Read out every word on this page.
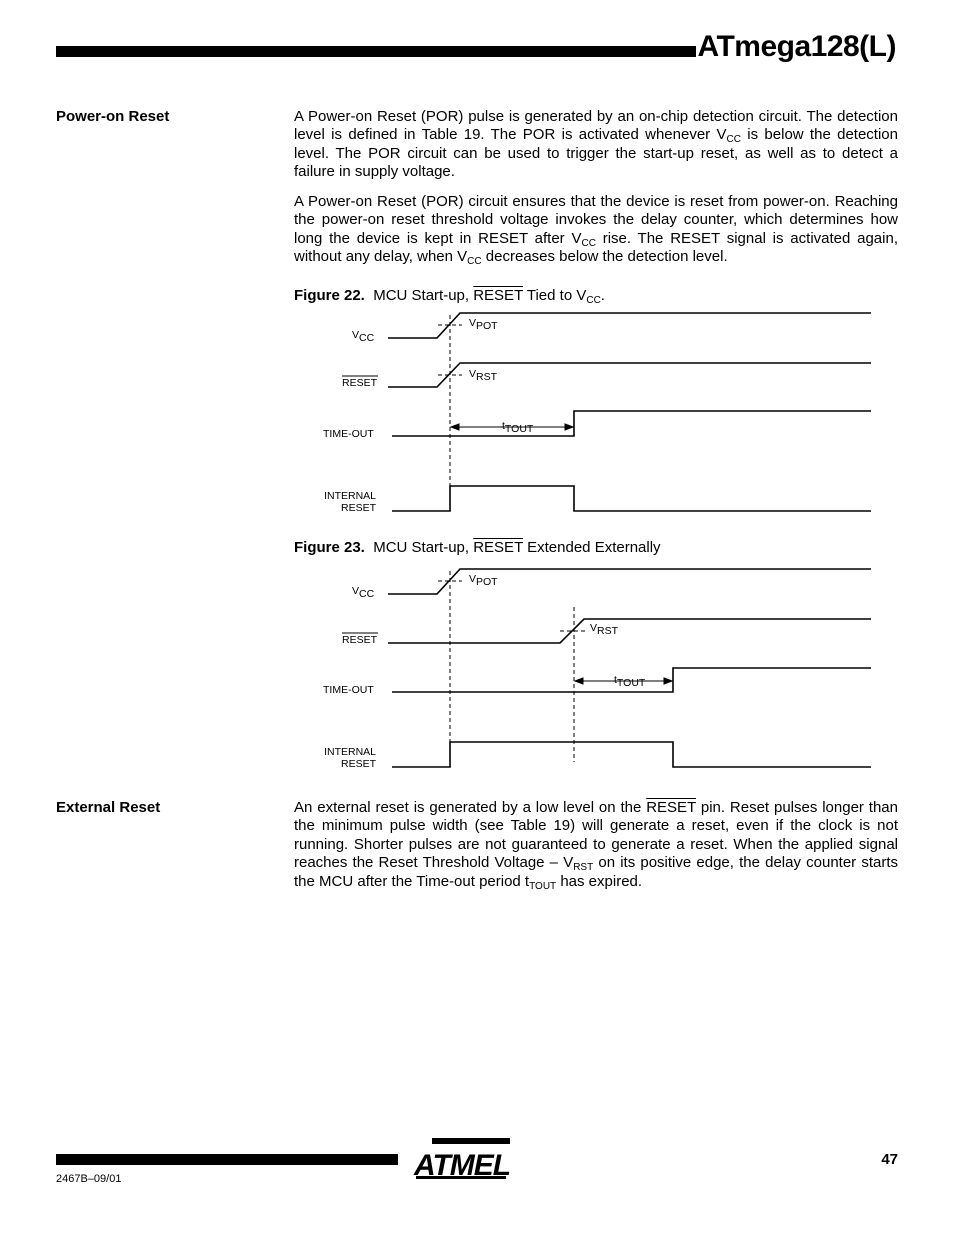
ATmega128(L)
Power-on Reset	A Power-on Reset (POR) pulse is generated by an on-chip detection circuit. The detection level is defined in Table 19. The POR is activated whenever $V_{CC}$ is below the detection level. The POR circuit can be used to trigger the start-up reset, as well as to detect a failure in supply voltage.

A Power-on Reset (POR) circuit ensures that the device is reset from power-on. Reaching the power-on reset threshold voltage invokes the delay counter, which determines how long the device is kept in RESET after $V_{CC}$ rise. The RESET signal is activated again, without any delay, when $V_{CC}$ decreases below the detection level.

Figure 22.  MCU Start-up, RESET Tied to $V_{CC}$.
VCC
VPOT
VRST
RESET
TIME-OUT
tTOUT
INTERNAL
RESET
Figure 23.  MCU Start-up, RESET Extended Externally
VCC
VPOT
VRST
RESET
TIME-OUT
tTOUT
INTERNAL
RESET
External Reset	An external reset is generated by a low level on the RESET pin. Reset pulses longer than the minimum pulse width (see Table 19) will generate a reset, even if the clock is not running. Shorter pulses are not guaranteed to generate a reset. When the applied signal reaches the Reset Threshold Voltage – $V_{RST}$ on its positive edge, the delay counter starts the MCU after the Time-out period $t_{TOUT}$ has expired.

2467B–09/01
47
ATMEL
